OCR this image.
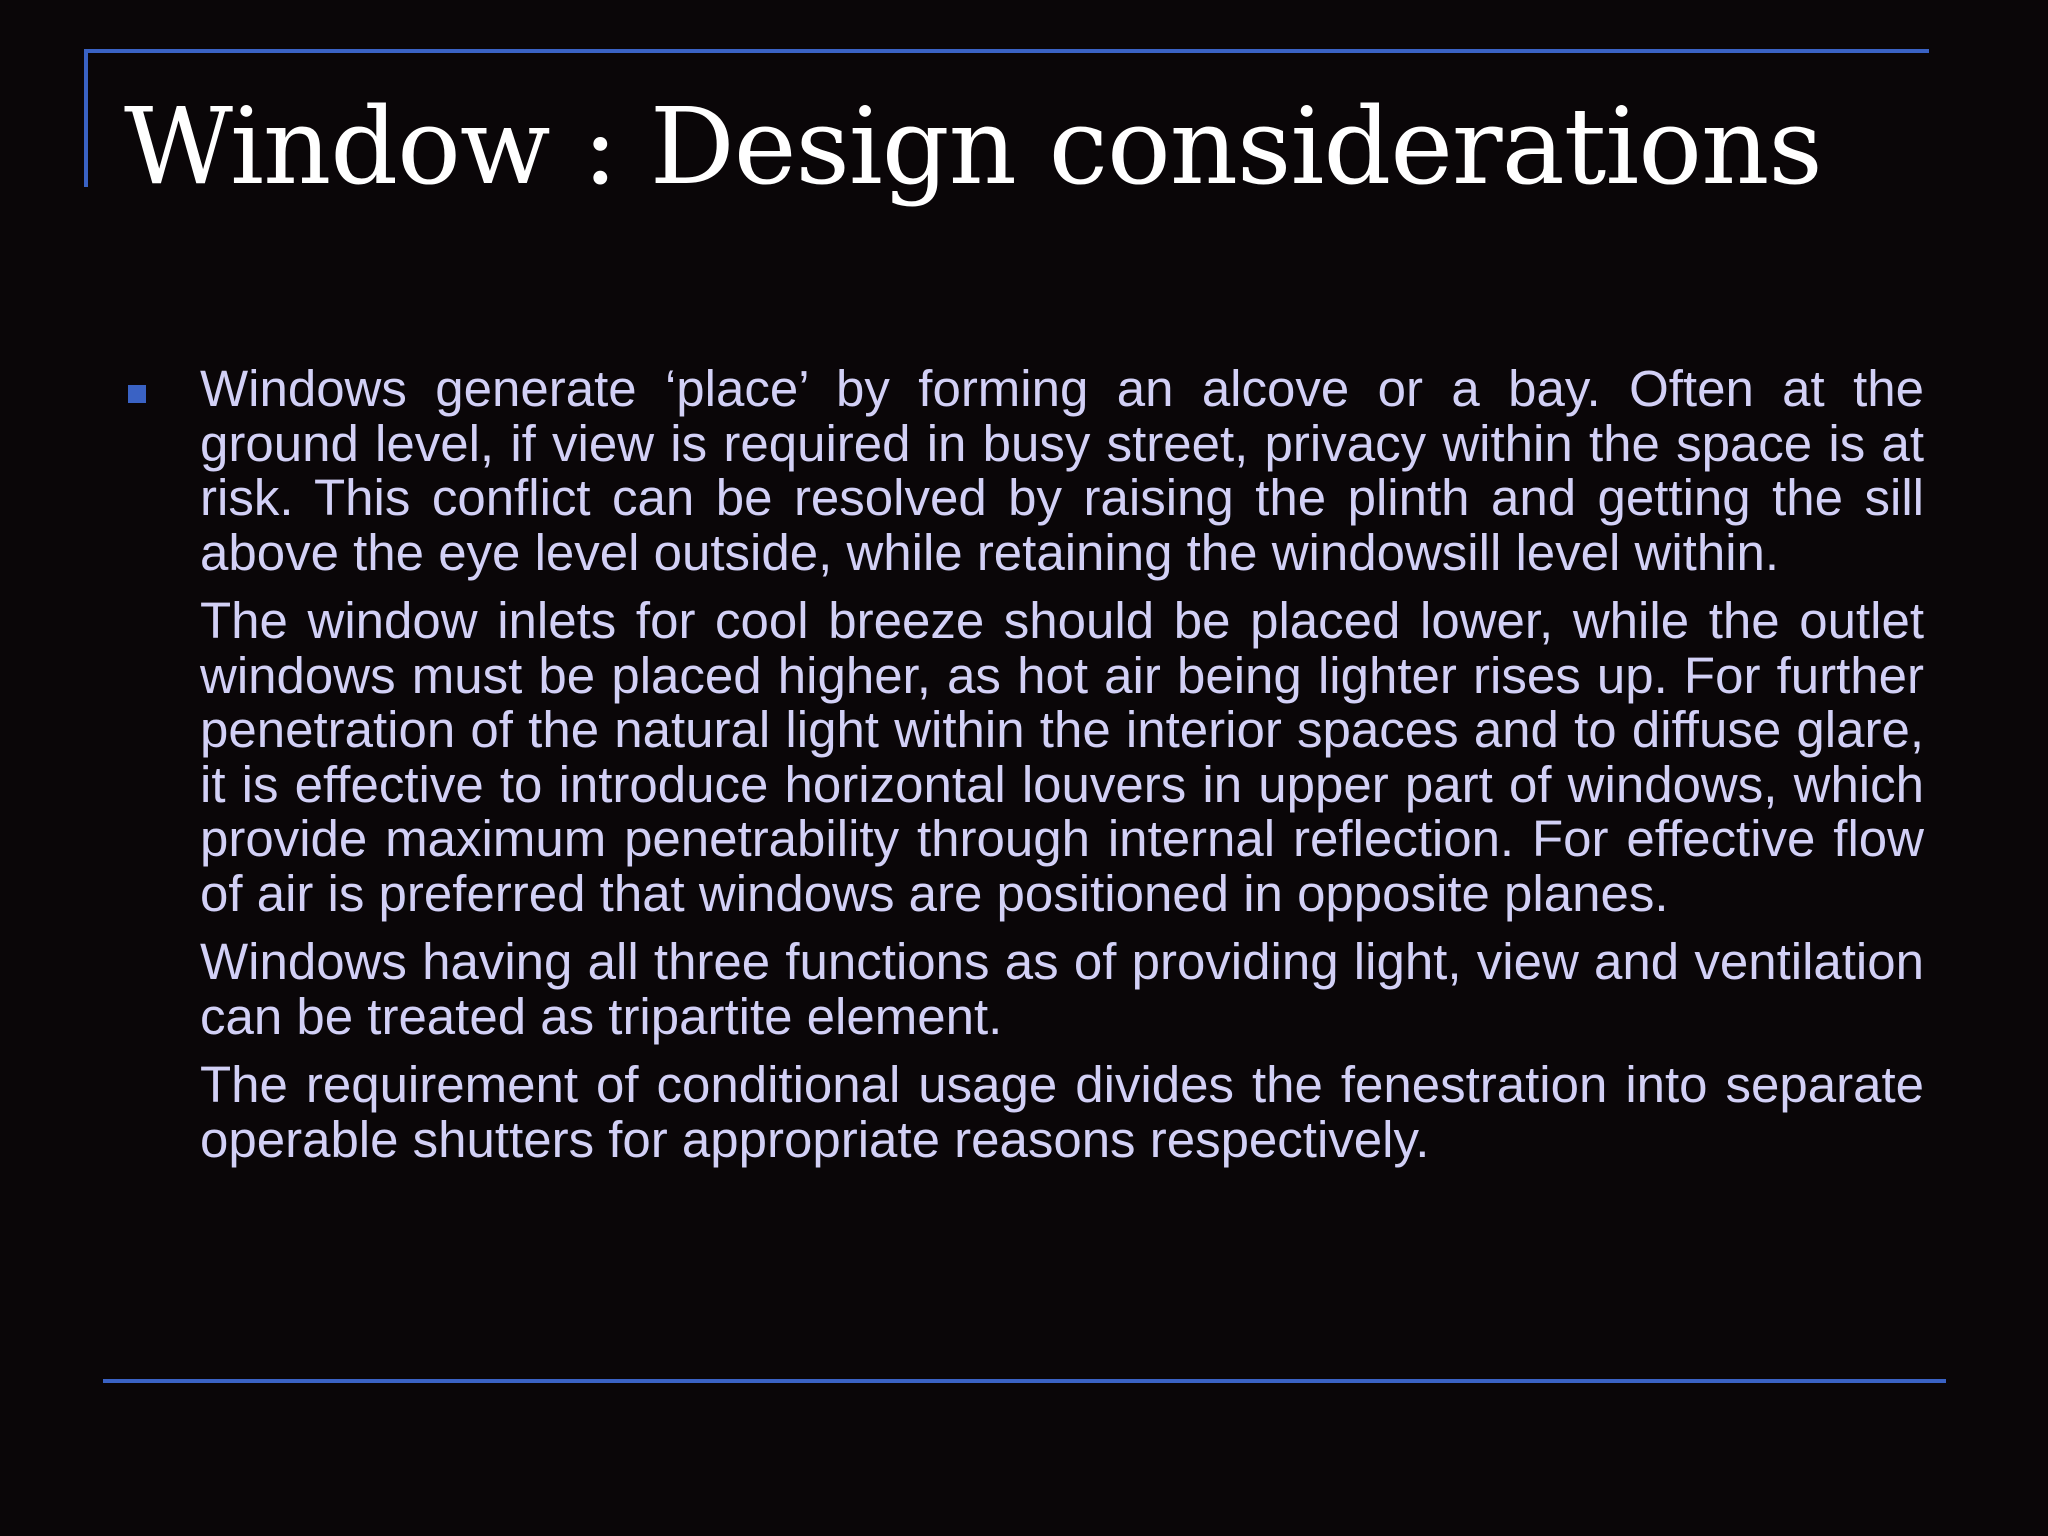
Window : Design considerations

Windows generate ‘place’ by forming an alcove or a bay. Often at the ground level, if view is required in busy street, privacy within the space is at risk. This conflict can be resolved by raising the plinth and getting the sill above the eye level outside, while retaining the windowsill level within.

The window inlets for cool breeze should be placed lower, while the outlet windows must be placed higher, as hot air being lighter rises up. For further penetration of the natural light within the interior spaces and to diffuse glare, it is effective to introduce horizontal louvers in upper part of windows, which provide maximum penetrability through internal reflection. For effective flow of air is preferred that windows are positioned in opposite planes.

Windows having all three functions as of providing light, view and ventilation can be treated as tripartite element.

The requirement of conditional usage divides the fenestration into separate operable shutters for appropriate reasons respectively.
